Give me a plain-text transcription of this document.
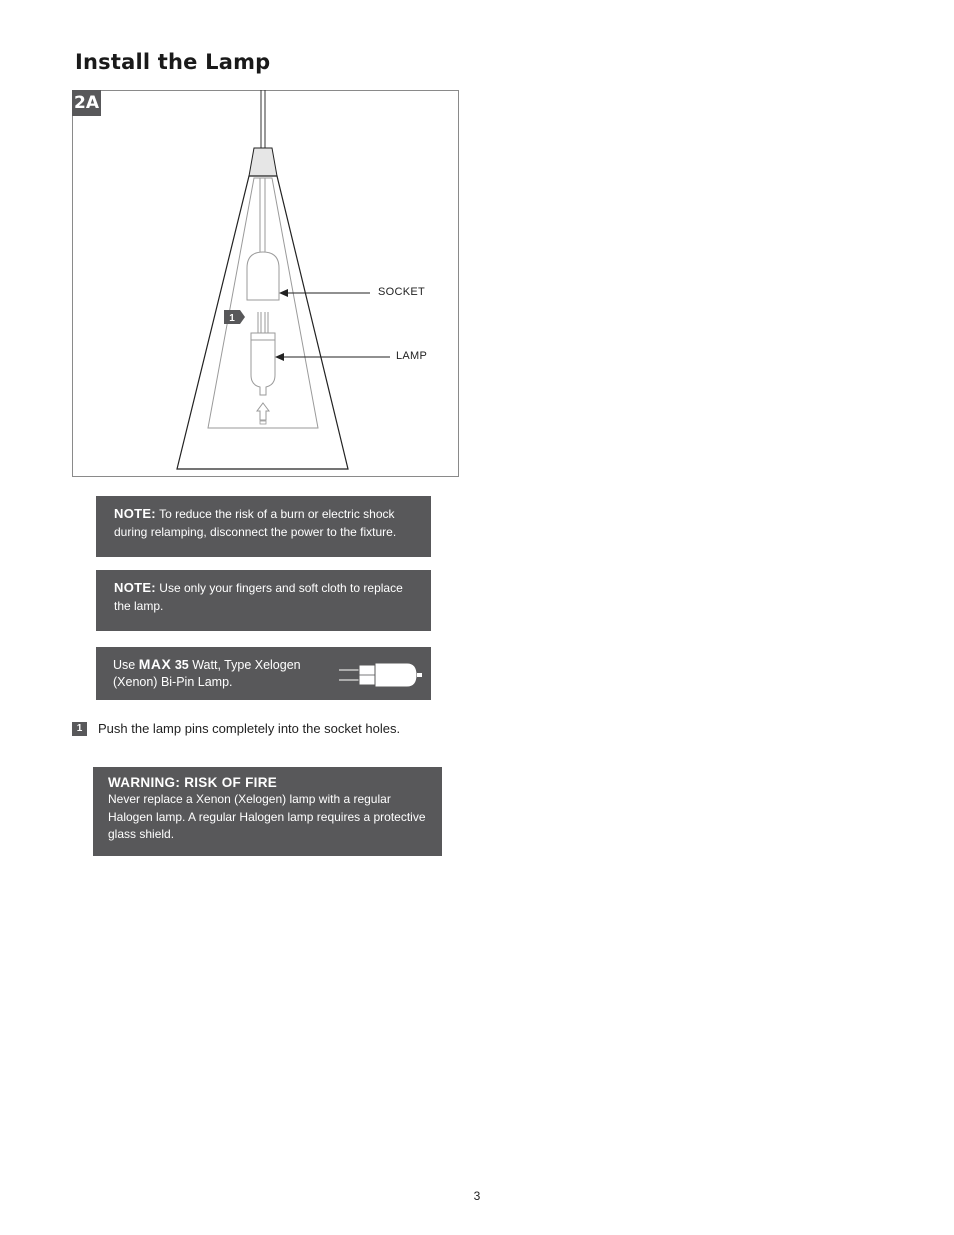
Install the Lamp
1
2A
SOCKET
LAMP
NOTE: To reduce the risk of a burn or electric shock during relamping, disconnect the power to the fixture.
NOTE: Use only your fingers and soft cloth to replace the lamp.
Use MAX 35 Watt, Type Xelogen (Xenon) Bi-Pin Lamp.
1	Push the lamp pins completely into the socket holes.
WARNING: RISK OF FIRE
Never replace a Xenon (Xelogen) lamp with a regular Halogen lamp. A regular Halogen lamp requires a protective glass shield.
3
